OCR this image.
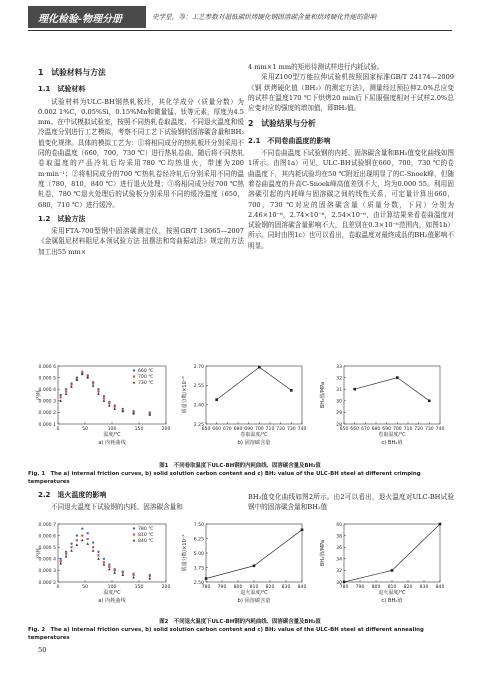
理化检验-物理分册	史学星，等：工艺参数对超低碳烘烤硬化钢固溶碳含量和烘烤硬化性能的影响
1　试验材料与方法
1.1　试验材料

试验材料为ULC-BH钢热轧板坯，其化学成分（质量分数）为0.002 1%C，0.05%Si，0.15%Mn和微量锰、钛等元素，厚度为4.5 mm。在中试模拟试验室，按照不同热轧卷取温度、不同退火温度和缓冷温度分别进行工艺模拟，考察不同工艺下试验钢的固溶碳含量和BH₂值变化规律。具体的模拟工艺为：①将相同成分的热轧板坯分别采用不同的卷曲温度（660，700，730 ℃）进行热轧卷曲，随后将不同热轧卷取温度的产品冷轧后均采用780 ℃均热退火，带速为200 m·min⁻¹；②将相同成分的700 ℃热轧卷经冷轧后分别采用不同的温度（780，810，840 ℃）进行退火处理；③将相同成分经700 ℃热轧卷，780 ℃退火处理后的试验板分别采用不同的缓冷温度（650，680，710 ℃）进行缓冷。

1.2　试验方法

采用FTA-700型钢中固溶碳测定仪，按照GB/T 13665—2007《金属阻尼材料阻尼本领试验方法 扭摆法和弯曲振动法》规定的方法加工出55 mm×

4 mm×1 mm的矩形待测试样进行内耗试验。

采用Z100型万能拉伸试验机按照国家标准GB/T 24174—2009《钢 烘烤硬化值（BH₂）的测定方法》，测量经过预拉伸2.0%总应变的试样在温度170 ℃下烘烤20 min后下屈服强度相对于试样2.0%总应变对应的强度的增加值，即BH₂值。

2　试验结果与分析
2.1　不同卷曲温度的影响

不同卷曲温度下试验钢的内耗、固溶碳含量和BH₂值变化曲线如图1所示。由图1a）可见，ULC-BH试验钢在660，700，730 ℃的卷曲温度下，其内耗试验均在50 ℃附近出现明显了的C-Snoek峰，但随着卷曲温度的升高C-Snoek峰高值差别不大，均为0.000 55。利用固溶碳引起的内耗峰与固溶碳之间的线性关系，可定量计算出660，700，730 ℃对应的固溶碳含量（质量分数，下同）分别为2.46×10⁻⁶，2.74×10⁻⁶，2.54×10⁻⁶，由计算结果来看卷曲温度对试验钢的固溶碳含量影响不大，且差别在0.3×10⁻⁶范围内，如图1b）所示。同时由图1c）也可以看出，卷取温度对最终成品的BH₂值影响不明显。

0.000 6
0.000 5
0.000 4
0.000 3
0.000 2
0.000 1
0	50	100	150	200
温度/℃
内耗
a) 内耗曲线
660 ℃
700 ℃
730 ℃
2.70
2.55
2.40
2.25
650 660 670 680 690 700 710 720 730 740
卷取温度/℃
质量分数/×10⁻⁶
b) 固溶碳含量
33
32
31
30
29
28
650 660 670 680 690 700 710 720 730 740
卷取温度/℃
BH₂值/MPa
c) BH₂值
图1　不同卷取温度下ULC-BH钢的内耗曲线、固溶碳含量及BH₂值
Fig. 1　The a) internal friction curves, b) solid solution carbon content and c) BH₂ value of the ULC-BH steel at different crimping temperatures
2.2　退火温度的影响

不同退火温度下试验钢的内耗、固溶碳含量和

BH₂值变化曲线如图2所示。由2可以看出，退火温度对ULC-BH试验钢中的固溶碳含量和BH₂值

0.000 7
0.000 6
0.000 5
0.000 4
0.000 3
0.000 2
0	50	100	150	200
温度/℃
内耗
a) 内耗曲线
780 ℃
810 ℃
840 ℃
7.50
6.25
5.00
3.75
2.50
780 790 800 810 820 830 840
退火温度/℃
质量分数/×10⁻⁶
b) 固溶碳含量
40
38
36
34
32
30
780 790 800 810 820 830 840
退火温度/℃
BH₂值/MPa
c) BH₂值
图2　不同退火温度下ULC-BH钢的内耗曲线、固溶碳含量及BH₂值
Fig. 2　The a) internal friction curves, b) solid solution carbon content and c) BH₂ value of the ULC-BH steel at different annealing temperatures
50
